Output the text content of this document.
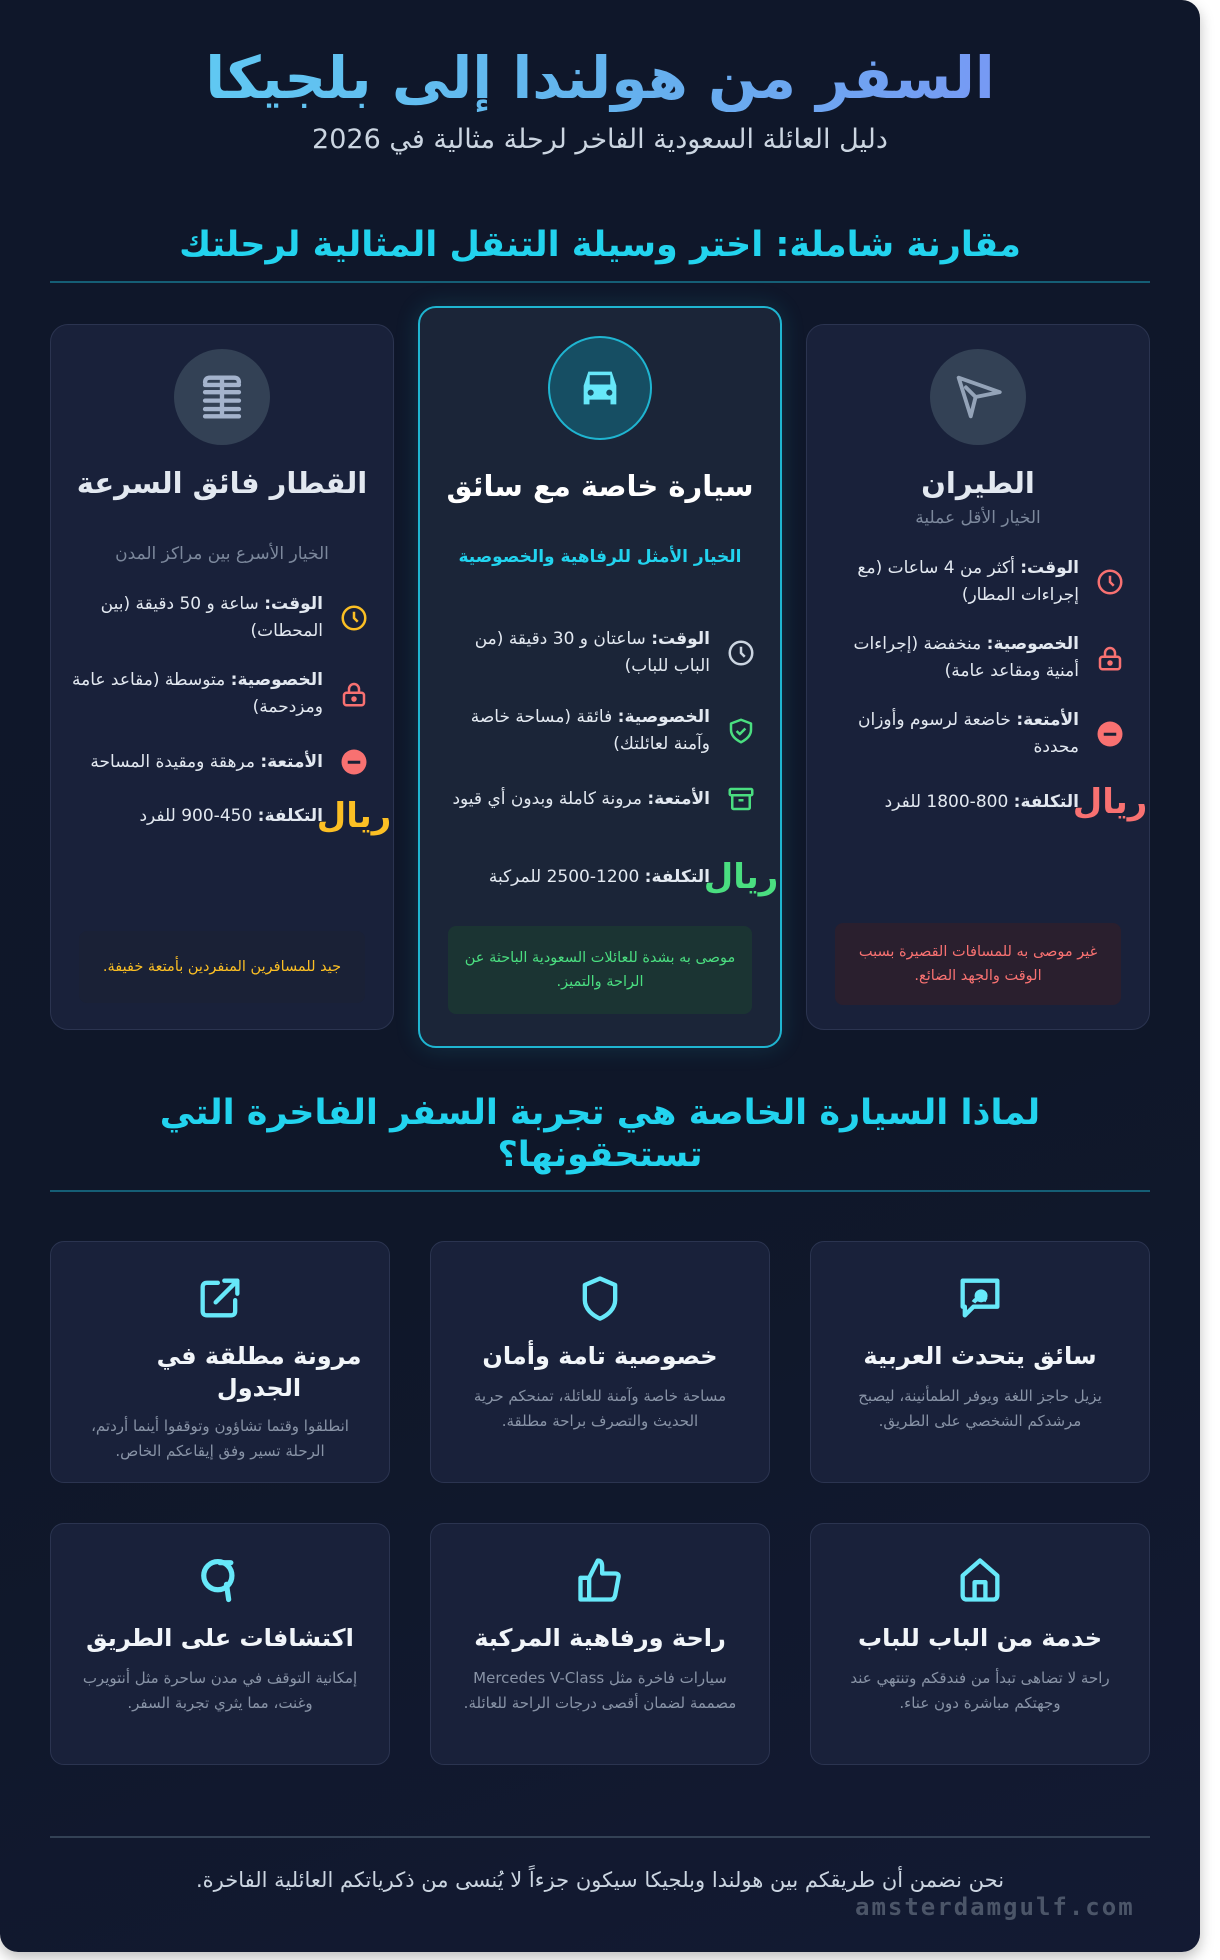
السفر من هولندا إلى بلجيكا
دليل العائلة السعودية الفاخر لرحلة مثالية في 2026
مقارنة شاملة: اختر وسيلة التنقل المثالية لرحلتك
الطيران
الخيار الأقل عملية
الوقت: أكثر من 4 ساعات (مع إجراءات المطار)
الخصوصية: منخفضة (إجراءات أمنية ومقاعد عامة)
الأمتعة: خاضعة لرسوم وأوزان محددة
ريال
التكلفة: 800-1800 للفرد
غير موصى به للمسافات القصيرة بسبب الوقت والجهد الضائع.
سيارة خاصة مع سائق
الخيار الأمثل للرفاهية والخصوصية
الوقت: ساعتان و 30 دقيقة (من الباب للباب)
الخصوصية: فائقة (مساحة خاصة وآمنة لعائلتك)
الأمتعة: مرونة كاملة وبدون أي قيود
ريال
التكلفة: 1200-2500 للمركبة
موصى به بشدة للعائلات السعودية الباحثة عن الراحة والتميز.
القطار فائق السرعة
الخيار الأسرع بين مراكز المدن
الوقت: ساعة و 50 دقيقة (بين المحطات)
الخصوصية: متوسطة (مقاعد عامة ومزدحمة)
الأمتعة: مرهقة ومقيدة المساحة
ريال
التكلفة: 450-900 للفرد
جيد للمسافرين المنفردين بأمتعة خفيفة.
لماذا السيارة الخاصة هي تجربة السفر الفاخرة التي تستحقونها؟
سائق يتحدث العربية
يزيل حاجز اللغة ويوفر الطمأنينة، ليصبح مرشدكم الشخصي على الطريق.
خصوصية تامة وأمان
مساحة خاصة وآمنة للعائلة، تمنحكم حرية الحديث والتصرف براحة مطلقة.
مرونة مطلقة في الجدول
انطلقوا وقتما تشاؤون وتوقفوا أينما أردتم، الرحلة تسير وفق إيقاعكم الخاص.
خدمة من الباب للباب
راحة لا تضاهى تبدأ من فندقكم وتنتهي عند وجهتكم مباشرة دون عناء.
راحة ورفاهية المركبة
سيارات فاخرة مثل Mercedes V-Class مصممة لضمان أقصى درجات الراحة للعائلة.
اكتشافات على الطريق
إمكانية التوقف في مدن ساحرة مثل أنتويرب وغنت، مما يثري تجربة السفر.
نحن نضمن أن طريقكم بين هولندا وبلجيكا سيكون جزءاً لا يُنسى من ذكرياتكم العائلية الفاخرة.
amsterdamgulf.com
